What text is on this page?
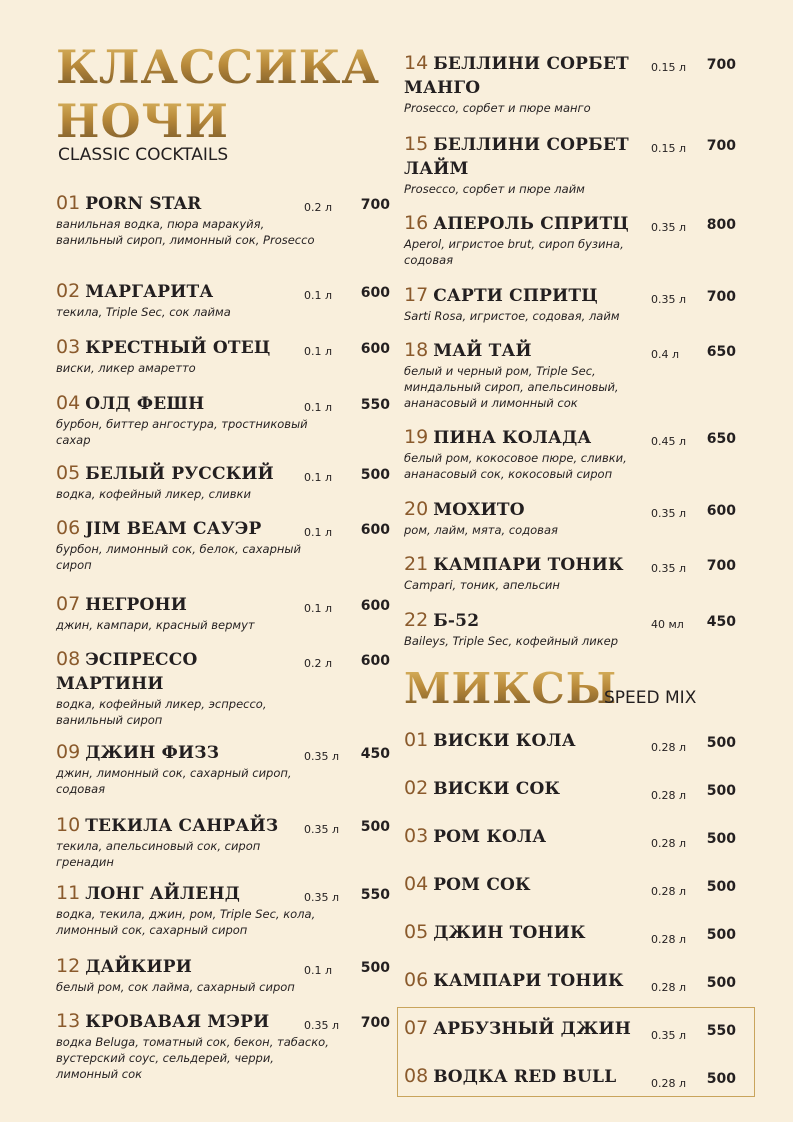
КЛАССИКА
НОЧИ
CLASSIC COCKTAILS
01 PORN STAR	0.2 л 700
ванильная водка, пюра маракуйя, ванильный сироп, лимонный сок, Prosecco
02 МАРГАРИТА	0.1 л 600
текила, Triple Sec, сок лайма
03 КРЕСТНЫЙ ОТЕЦ	0.1 л 600
виски, ликер амаретто
04 ОЛД ФЕШН	0.1 л 550
бурбон, биттер ангостура, тростниковый сахар
05 БЕЛЫЙ РУССКИЙ	0.1 л 500
водка, кофейный ликер, сливки
06 JIM BEAM САУЭР	0.1 л 600
бурбон, лимонный сок, белок, сахарный сироп
07 НЕГРОНИ	0.1 л 600
джин, кампари, красный вермут
08 ЭСПРЕССО МАРТИНИ
0.2 л 600
водка, кофейный ликер, эспрессо, ванильный сироп
09 ДЖИН ФИЗЗ	0.35 л 450
джин, лимонный сок, сахарный сироп, содовая
10 ТЕКИЛА САНРАЙЗ 0.35 л 500
текила, апельсиновый сок, сироп гренадин
11 ЛОНГ АЙЛЕНД	0.35 л 550
водка, текила, джин, ром, Triple Sec, кола, лимонный сок, сахарный сироп
12 ДАЙКИРИ	0.1 л 500
белый ром, сок лайма, сахарный сироп
13 КРОВАВАЯ МЭРИ	0.35 л 700
водка Beluga, томатный сок, бекон, табаско, вустерский соус, сельдерей, черри, лимонный сок
14 БЕЛЛИНИ СОРБЕТ МАНГО
0.15 л 700
Prosecco, сорбет и пюре манго
15 БЕЛЛИНИ СОРБЕТ ЛАЙМ
0.15 л 700
Prosecco, сорбет и пюре лайм
16 АПЕРОЛЬ СПРИТЦ 0.35 л 800
Aperol, игристое brut, сироп бузина, содовая
17 САРТИ СПРИТЦ	0.35 л 700
Sarti Rosa, игристое, содовая, лайм
18 МАЙ ТАЙ	0.4 л 650
белый и черный ром, Triple Sec, миндальный сироп, апельсиновый, ананасовый и лимонный сок
19 ПИНА КОЛАДА	0.45 л 650
белый ром, кокосовое пюре, сливки, ананасовый сок, кокосовый сироп
20 МОХИТО	0.35 л 600
ром, лайм, мята, содовая
21 КАМПАРИ ТОНИК 0.35 л 700
Campari, тоник, апельсин
22 Б-52	40 мл 450
Baileys, Triple Sec, кофейный ликер
МИКСЫ
SPEED MIX
01 ВИСКИ КОЛА	0.28 л 500
02 ВИСКИ СОК	0.28 л 500
03 РОМ КОЛА	0.28 л 500
04 РОМ СОК	0.28 л 500
05 ДЖИН ТОНИК	0.28 л 500
06 КАМПАРИ ТОНИК 0.28 л 500
07 АРБУЗНЫЙ ДЖИН 0.35 л 550
08 ВОДКА RED BULL	0.28 л 500
